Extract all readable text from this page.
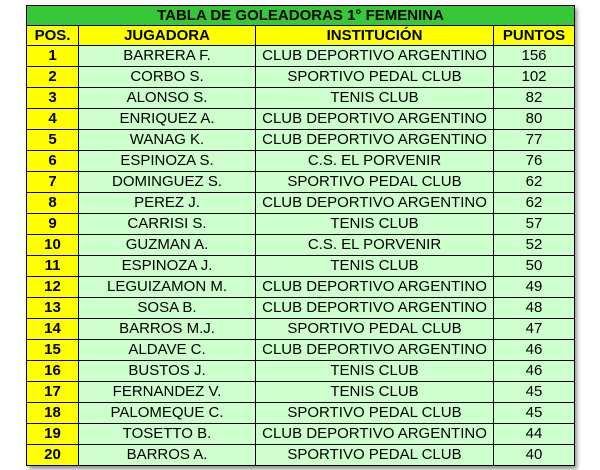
TABLA DE GOLEADORAS 1° FEMENINA			
POS.	JUGADORA	INSTITUCIÓN	PUNTOS
1	BARRERA F.	CLUB DEPORTIVO ARGENTINO	156
2	CORBO S.	SPORTIVO PEDAL CLUB	102
3	ALONSO S.	TENIS CLUB	82
4	ENRIQUEZ A.	CLUB DEPORTIVO ARGENTINO	80
5	WANAG K.	CLUB DEPORTIVO ARGENTINO	77
6	ESPINOZA S.	C.S. EL PORVENIR	76
7	DOMINGUEZ S.	SPORTIVO PEDAL CLUB	62
8	PEREZ J.	CLUB DEPORTIVO ARGENTINO	62
9	CARRISI S.	TENIS CLUB	57
10	GUZMAN A.	C.S. EL PORVENIR	52
11	ESPINOZA J.	TENIS CLUB	50
12	LEGUIZAMON M.	CLUB DEPORTIVO ARGENTINO	49
13	SOSA B.	CLUB DEPORTIVO ARGENTINO	48
14	BARROS M.J.	SPORTIVO PEDAL CLUB	47
15	ALDAVE C.	CLUB DEPORTIVO ARGENTINO	46
16	BUSTOS J.	TENIS CLUB	46
17	FERNANDEZ V.	TENIS CLUB	45
18	PALOMEQUE C.	SPORTIVO PEDAL CLUB	45
19	TOSETTO B.	CLUB DEPORTIVO ARGENTINO	44
20	BARROS A.	SPORTIVO PEDAL CLUB	40
